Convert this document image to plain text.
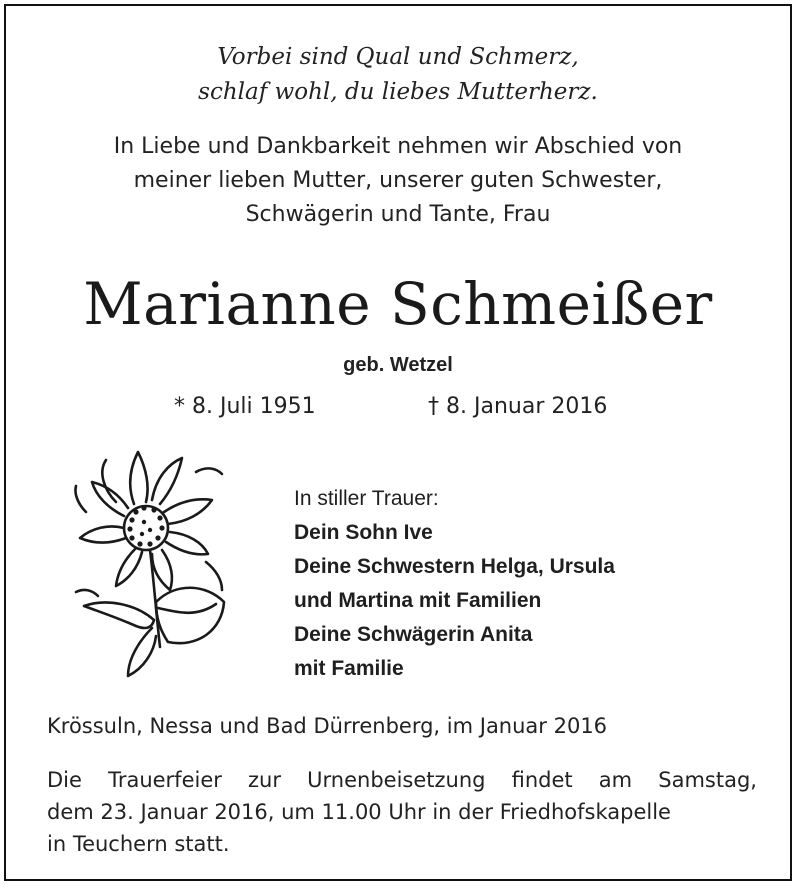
Vorbei sind Qual und Schmerz,
schlaf wohl, du liebes Mutterherz.
In Liebe und Dankbarkeit nehmen wir Abschied von
meiner lieben Mutter, unserer guten Schwester,
Schwägerin und Tante, Frau
Marianne Schmeißer
geb. Wetzel
* 8. Juli 1951	† 8. Januar 2016
In stiller Trauer:
Dein Sohn Ive
Deine Schwestern Helga, Ursula
und Martina mit Familien
Deine Schwägerin Anita
mit Familie
Krössuln, Nessa und Bad Dürrenberg, im Januar 2016
Die Trauerfeier zur Urnenbeisetzung findet am Samstag,
dem 23. Januar 2016, um 11.00 Uhr in der Friedhofskapelle
in Teuchern statt.
